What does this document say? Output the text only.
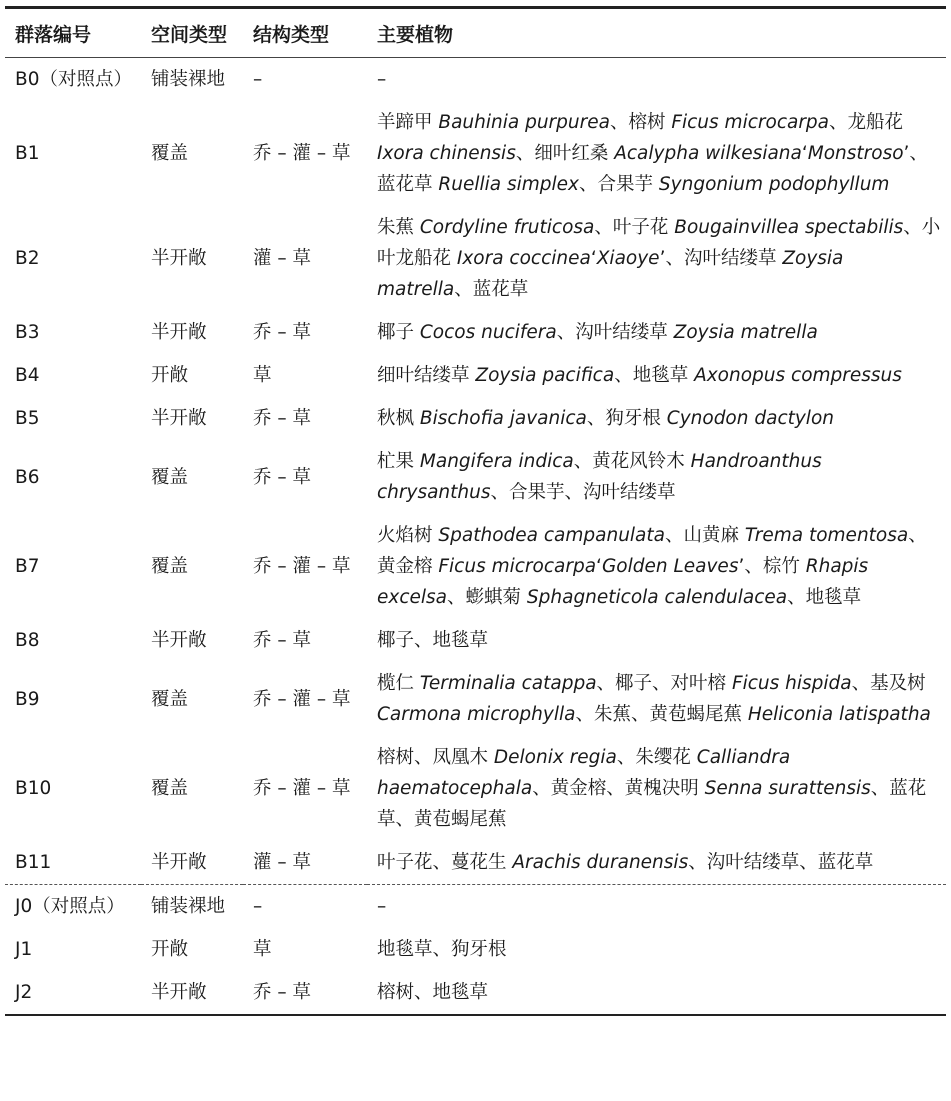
群落编号	空间类型	结构类型	主要植物
B0（对照点）	铺装裸地	–	–
B1	覆盖	乔 – 灌 – 草	羊蹄甲 Bauhinia purpurea、榕树 Ficus microcarpa、龙船花 Ixora chinensis、细叶红桑 Acalypha wilkesiana‘Monstroso’、蓝花草 Ruellia simplex、合果芋 Syngonium podophyllum
B2	半开敞	灌 – 草	朱蕉 Cordyline fruticosa、叶子花 Bougainvillea spectabilis、小叶龙船花 Ixora coccinea‘Xiaoye’、沟叶结缕草 Zoysia matrella、蓝花草
B3	半开敞	乔 – 草	椰子 Cocos nucifera、沟叶结缕草 Zoysia matrella
B4	开敞	草	细叶结缕草 Zoysia pacifica、地毯草 Axonopus compressus
B5	半开敞	乔 – 草	秋枫 Bischofia javanica、狗牙根 Cynodon dactylon
B6	覆盖	乔 – 草	杧果 Mangifera indica、黄花风铃木 Handroanthus chrysanthus、合果芋、沟叶结缕草
B7	覆盖	乔 – 灌 – 草	火焰树 Spathodea campanulata、山黄麻 Trema tomentosa、黄金榕 Ficus microcarpa‘Golden Leaves’、棕竹 Rhapis excelsa、蟛蜞菊 Sphagneticola calendulacea、地毯草
B8	半开敞	乔 – 草	椰子、地毯草
B9	覆盖	乔 – 灌 – 草	榄仁 Terminalia catappa、椰子、对叶榕 Ficus hispida、基及树 Carmona microphylla、朱蕉、黄苞蝎尾蕉 Heliconia latispatha
B10	覆盖	乔 – 灌 – 草	榕树、凤凰木 Delonix regia、朱缨花 Calliandra haematocephala、黄金榕、黄槐决明 Senna surattensis、蓝花草、黄苞蝎尾蕉
B11	半开敞	灌 – 草	叶子花、蔓花生 Arachis duranensis、沟叶结缕草、蓝花草
J0（对照点）	铺装裸地	–	–
J1	开敞	草	地毯草、狗牙根
J2	半开敞	乔 – 草	榕树、地毯草
